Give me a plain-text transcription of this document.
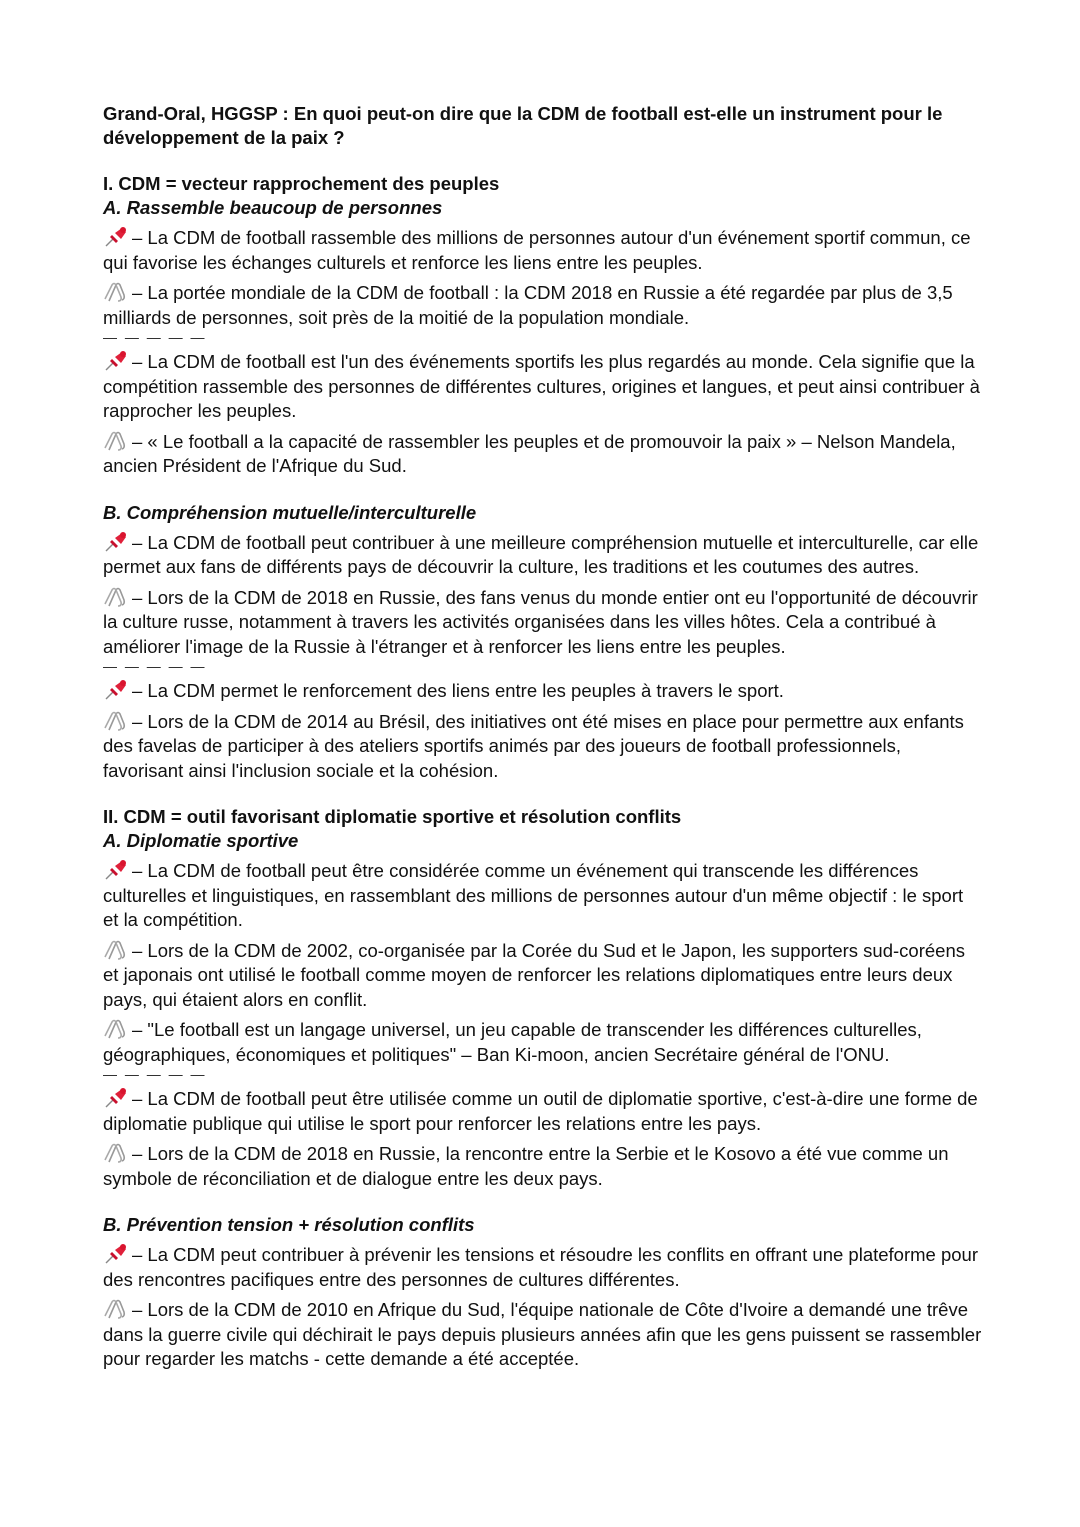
Grand-Oral, HGGSP : En quoi peut-on dire que la CDM de football est-elle un instrument pour le développement de la paix ?

I. CDM = vecteur rapprochement des peuples

A. Rassemble beaucoup de personnes

– La CDM de football rassemble des millions de personnes autour d'un événement sportif commun, ce qui favorise les échanges culturels et renforce les liens entre les peuples.

– La portée mondiale de la CDM de football : la CDM 2018 en Russie a été regardée par plus de 3,5 milliards de personnes, soit près de la moitié de la population mondiale.

— — — — —

– La CDM de football est l'un des événements sportifs les plus regardés au monde. Cela signifie que la compétition rassemble des personnes de différentes cultures, origines et langues, et peut ainsi contribuer à rapprocher les peuples.

– « Le football a la capacité de rassembler les peuples et de promouvoir la paix » – Nelson Mandela, ancien Président de l'Afrique du Sud.

B. Compréhension mutuelle/interculturelle

– La CDM de football peut contribuer à une meilleure compréhension mutuelle et interculturelle, car elle permet aux fans de différents pays de découvrir la culture, les traditions et les coutumes des autres.

– Lors de la CDM de 2018 en Russie, des fans venus du monde entier ont eu l'opportunité de découvrir la culture russe, notamment à travers les activités organisées dans les villes hôtes. Cela a contribué à améliorer l'image de la Russie à l'étranger et à renforcer les liens entre les peuples.

— — — — —

– La CDM permet le renforcement des liens entre les peuples à travers le sport.

– Lors de la CDM de 2014 au Brésil, des initiatives ont été mises en place pour permettre aux enfants des favelas de participer à des ateliers sportifs animés par des joueurs de football professionnels, favorisant ainsi l'inclusion sociale et la cohésion.

II. CDM = outil favorisant diplomatie sportive et résolution conflits

A. Diplomatie sportive

– La CDM de football peut être considérée comme un événement qui transcende les différences culturelles et linguistiques, en rassemblant des millions de personnes autour d'un même objectif : le sport et la compétition.

– Lors de la CDM de 2002, co-organisée par la Corée du Sud et le Japon, les supporters sud-coréens et japonais ont utilisé le football comme moyen de renforcer les relations diplomatiques entre leurs deux pays, qui étaient alors en conflit.

– "Le football est un langage universel, un jeu capable de transcender les différences culturelles, géographiques, économiques et politiques" – Ban Ki-moon, ancien Secrétaire général de l'ONU.

— — — — —

– La CDM de football peut être utilisée comme un outil de diplomatie sportive, c'est-à-dire une forme de diplomatie publique qui utilise le sport pour renforcer les relations entre les pays.

– Lors de la CDM de 2018 en Russie, la rencontre entre la Serbie et le Kosovo a été vue comme un symbole de réconciliation et de dialogue entre les deux pays.

B. Prévention tension + résolution conflits

– La CDM peut contribuer à prévenir les tensions et résoudre les conflits en offrant une plateforme pour des rencontres pacifiques entre des personnes de cultures différentes.

– Lors de la CDM de 2010 en Afrique du Sud, l'équipe nationale de Côte d'Ivoire a demandé une trêve dans la guerre civile qui déchirait le pays depuis plusieurs années afin que les gens puissent se rassembler pour regarder les matchs - cette demande a été acceptée.
